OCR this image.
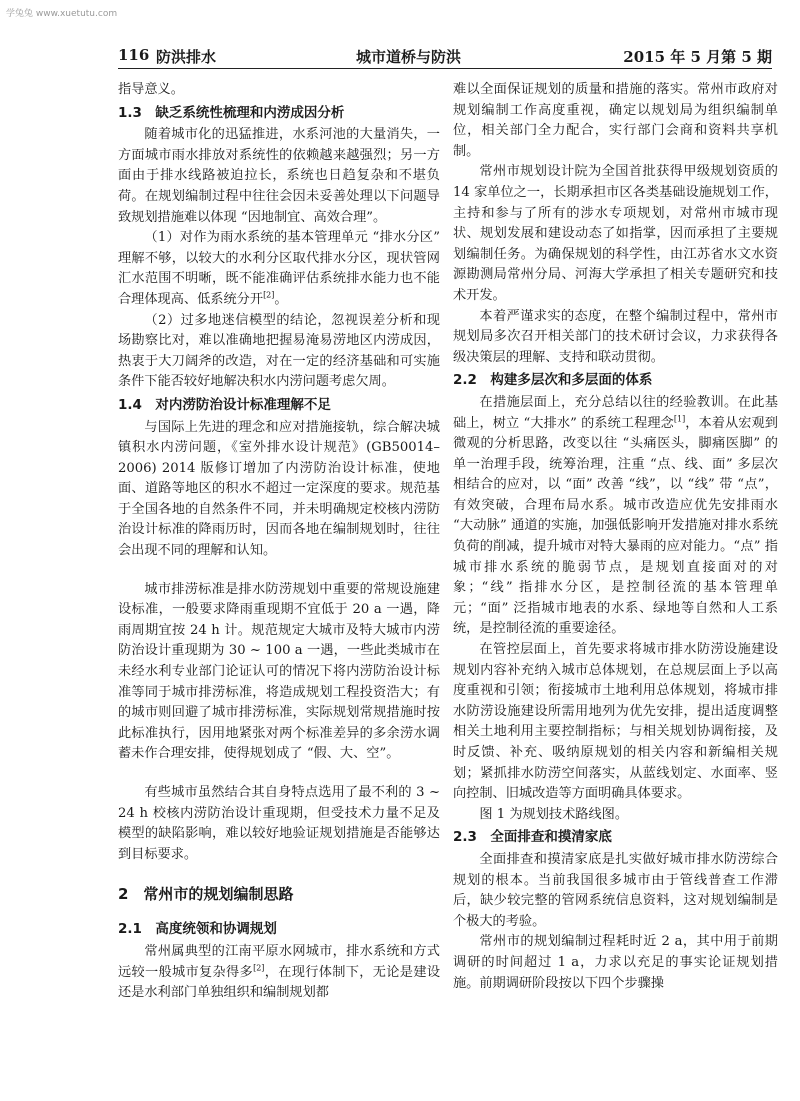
学兔兔 www.xuetutu.com
116 防洪排水	城市道桥与防洪	2015 年 5 月第 5 期

指导意义。

1.3　缺乏系统性梳理和内涝成因分析

随着城市化的迅猛推进，水系河池的大量消失，一方面城市雨水排放对系统性的依赖越来越强烈；另一方面由于排水线路被迫拉长，系统也日趋复杂和不堪负荷。在规划编制过程中往往会因未妥善处理以下问题导致规划措施难以体现 “因地制宜、高效合理”。

（1）对作为雨水系统的基本管理单元 “排水分区” 理解不够，以较大的水利分区取代排水分区，现状管网汇水范围不明晰，既不能准确评估系统排水能力也不能合理体现高、低系统分开[2]。

（2）过多地迷信模型的结论，忽视误差分析和现场勘察比对，难以准确地把握易淹易涝地区内涝成因，热衷于大刀阔斧的改造，对在一定的经济基础和可实施条件下能否较好地解决积水内涝问题考虑欠周。

1.4　对内涝防治设计标准理解不足

与国际上先进的理念和应对措施接轨，综合解决城镇积水内涝问题，《室外排水设计规范》(GB50014–2006) 2014 版修订增加了内涝防治设计标准，使地面、道路等地区的积水不超过一定深度的要求。规范基于全国各地的自然条件不同，并未明确规定校核内涝防治设计标准的降雨历时，因而各地在编制规划时，往往会出现不同的理解和认知。

城市排涝标准是排水防涝规划中重要的常规设施建设标准，一般要求降雨重现期不宜低于 20 a 一遇，降雨周期宜按 24 h 计。规范规定大城市及特大城市内涝防治设计重现期为 30 ~ 100 a 一遇，一些此类城市在未经水利专业部门论证认可的情况下将内涝防治设计标准等同于城市排涝标准，将造成规划工程投资浩大；有的城市则回避了城市排涝标准，实际规划常规措施时按此标准执行，因用地紧张对两个标准差异的多余涝水调蓄未作合理安排，使得规划成了 “假、大、空”。

有些城市虽然结合其自身特点选用了最不利的 3 ~ 24 h 校核内涝防治设计重现期，但受技术力量不足及模型的缺陷影响，难以较好地验证规划措施是否能够达到目标要求。

2　常州市的规划编制思路
2.1　高度统领和协调规划

常州属典型的江南平原水网城市，排水系统和方式远较一般城市复杂得多[2]，在现行体制下，无论是建设还是水利部门单独组织和编制规划都

难以全面保证规划的质量和措施的落实。常州市政府对规划编制工作高度重视，确定以规划局为组织编制单位，相关部门全力配合，实行部门会商和资料共享机制。

常州市规划设计院为全国首批获得甲级规划资质的 14 家单位之一，长期承担市区各类基础设施规划工作，主持和参与了所有的涉水专项规划，对常州市城市现状、规划发展和建设动态了如指掌，因而承担了主要规划编制任务。为确保规划的科学性，由江苏省水文水资源勘测局常州分局、河海大学承担了相关专题研究和技术开发。

本着严谨求实的态度，在整个编制过程中，常州市规划局多次召开相关部门的技术研讨会议，力求获得各级决策层的理解、支持和联动贯彻。

2.2　构建多层次和多层面的体系

在措施层面上，充分总结以往的经验教训。在此基础上，树立 “大排水” 的系统工程理念[1]，本着从宏观到微观的分析思路，改变以往 “头痛医头，脚痛医脚” 的单一治理手段，统筹治理，注重 “点、线、面” 多层次相结合的应对，以 “面” 改善 “线”，以 “线” 带 “点”，有效突破，合理布局水系。城市改造应优先安排雨水 “大动脉” 通道的实施，加强低影响开发措施对排水系统负荷的削减，提升城市对特大暴雨的应对能力。“点” 指城市排水系统的脆弱节点，是规划直接面对的对象；“线” 指排水分区，是控制径流的基本管理单元；“面” 泛指城市地表的水系、绿地等自然和人工系统，是控制径流的重要途径。

在管控层面上，首先要求将城市排水防涝设施建设规划内容补充纳入城市总体规划，在总规层面上予以高度重视和引领；衔接城市土地利用总体规划，将城市排水防涝设施建设所需用地列为优先安排，提出适度调整相关土地利用主要控制指标；与相关规划协调衔接，及时反馈、补充、吸纳原规划的相关内容和新编相关规划；紧抓排水防涝空间落实，从蓝线划定、水面率、竖向控制、旧城改造等方面明确具体要求。

图 1 为规划技术路线图。

2.3　全面排查和摸清家底

全面排查和摸清家底是扎实做好城市排水防涝综合规划的根本。当前我国很多城市由于管线普查工作滞后，缺少较完整的管网系统信息资料，这对规划编制是个极大的考验。

常州市的规划编制过程耗时近 2 a，其中用于前期调研的时间超过 1 a，力求以充足的事实论证规划措施。前期调研阶段按以下四个步骤操
